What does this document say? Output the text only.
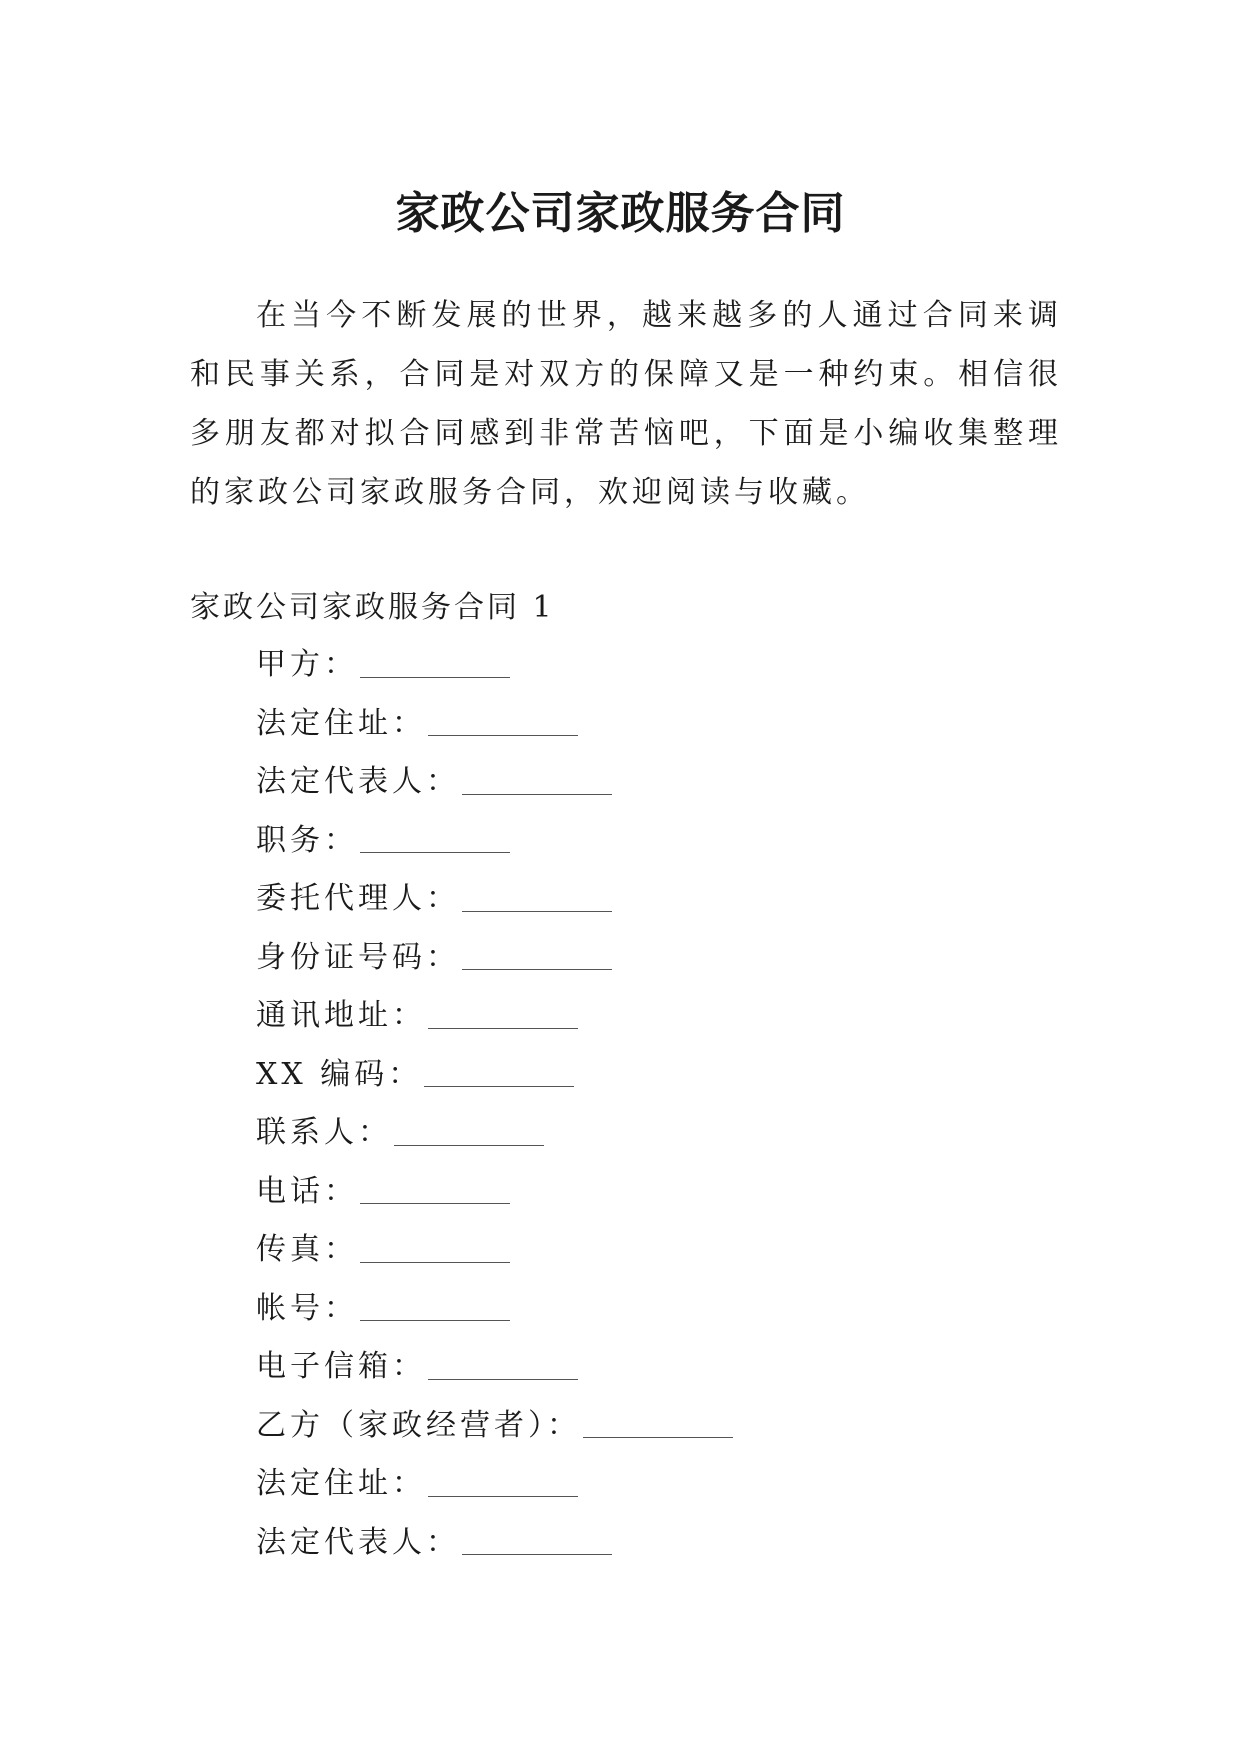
家政公司家政服务合同

在当今不断发展的世界，越来越多的人通过合同来调和民事关系，合同是对双方的保障又是一种约束。相信很多朋友都对拟合同感到非常苦恼吧，下面是小编收集整理的家政公司家政服务合同，欢迎阅读与收藏。

家政公司家政服务合同 1
甲方：
法定住址：
法定代表人：
职务：
委托代理人：
身份证号码：
通讯地址：
XX 编码：
联系人：
电话：
传真：
帐号：
电子信箱：
乙方（家政经营者）：
法定住址：
法定代表人：
